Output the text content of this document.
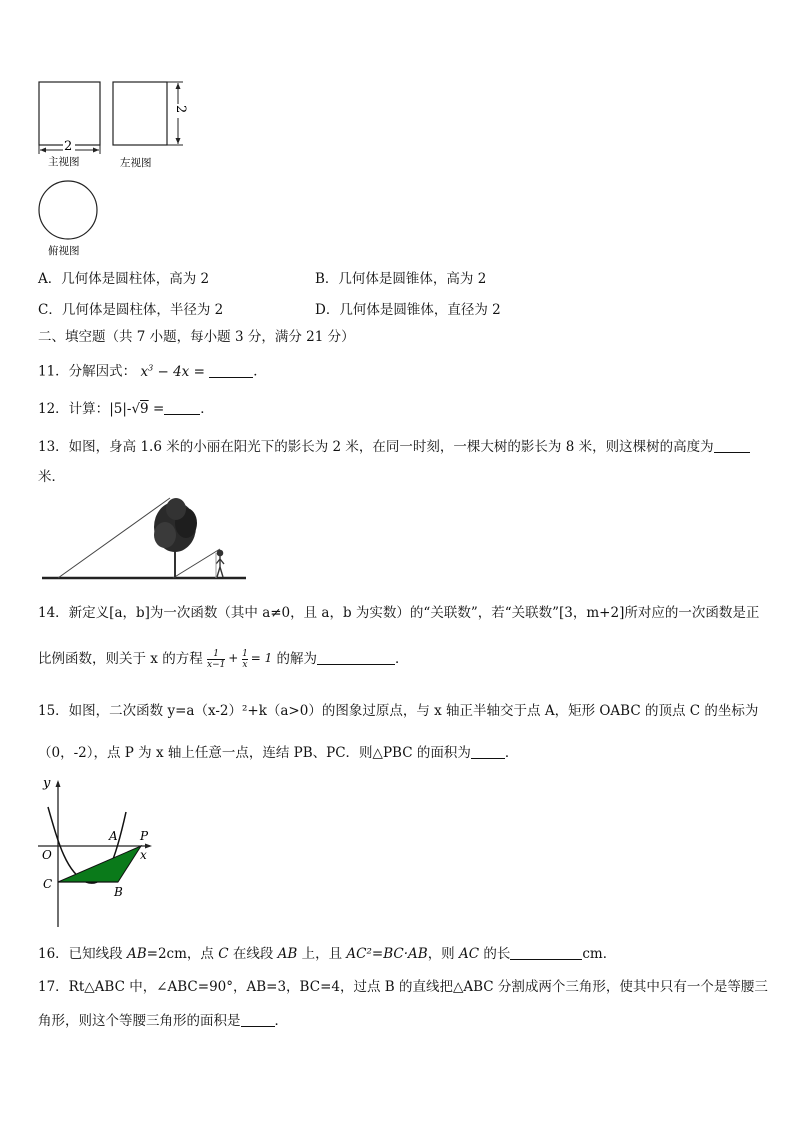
2
主视图
2
左视图
俯视图
A．几何体是圆柱体，高为 2	B．几何体是圆锥体，高为 2
C．几何体是圆柱体，半径为 2	D．几何体是圆锥体，直径为 2
二、填空题（共 7 小题，每小题 3 分，满分 21 分）
11．分解因式： $x^3 - 4x$ =	．
12．计算：|5|-√9 =	．
13．如图，身高 1.6 米的小丽在阳光下的影长为 2 米，在同一时刻，一棵大树的影长为 8 米，则这棵树的高度为
米．
14．新定义[a，b]为一次函数（其中 a≠0，且 a，b 为实数）的“关联数”，若“关联数”[3，m+2]所对应的一次函数是正
比例函数，则关于 x 的方程 $\frac{1}{x-1} + \frac{1}{x} = 1$ 的解为	．
15．如图，二次函数 y=a（x-2）²+k（a>0）的图象过原点，与 x 轴正半轴交于点 A，矩形 OABC 的顶点 C 的坐标为
（0，-2），点 P 为 x 轴上任意一点，连结 PB、PC．则△PBC 的面积为	．
y
x
O
A P
C
B
16．已知线段 AB=2cm，点 C 在线段 AB 上，且 AC²=BC·AB，则 AC 的长	cm．
17．Rt△ABC 中，∠ABC=90°，AB=3，BC=4，过点 B 的直线把△ABC 分割成两个三角形，使其中只有一个是等腰三
角形，则这个等腰三角形的面积是	．
